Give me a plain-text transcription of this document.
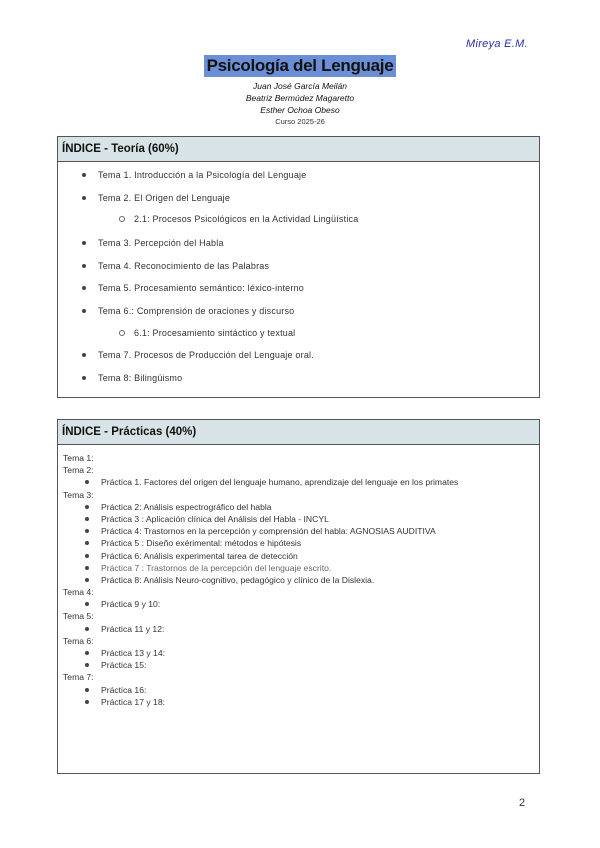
Mireya E.M.
Psicología del Lenguaje
Juan José García Meilán
Beatriz Bermúdez Magaretto
Esther Ochoa Obeso
Curso 2025-26
ÍNDICE - Teoría (60%)
Tema 1. Introducción a la Psicología del Lenguaje
Tema 2. El Origen del Lenguaje
2.1: Procesos Psicológicos en la Actividad Lingüística
Tema 3. Percepción del Habla
Tema 4. Reconocimiento de las Palabras
Tema 5. Procesamiento semántico: léxico-interno
Tema 6.: Comprensión de oraciones y discurso
6.1: Procesamiento sintáctico y textual
Tema 7. Procesos de Producción del Lenguaje oral.
Tema 8: Bilingüismo
ÍNDICE - Prácticas (40%)
Tema 1:
Tema 2:
Práctica 1. Factores del origen del lenguaje humano, aprendizaje del lenguaje en los primates
Tema 3:
Práctica 2: Análisis espectrográfico del habla
Práctica 3 : Aplicación clínica del Análisis del Habla - INCYL
Práctica 4: Trastornos en la percepción y comprensión del habla: AGNOSIAS AUDITIVA
Práctica 5 : Diseño exérimental: métodos e hipótesis
Práctica 6: Análisis experimental tarea de detección
Práctica 7 : Trastornos de la percepción del lenguaje escrito.
Práctica 8: Análisis Neuro-cognitivo, pedagógico y clínico de la Dislexia.
Tema 4:
Práctica 9 y 10:
Tema 5:
Práctica 11 y 12:
Tema 6:
Práctica 13 y 14:
Práctica 15:
Tema 7:
Práctica 16:
Práctica 17 y 18:
2
